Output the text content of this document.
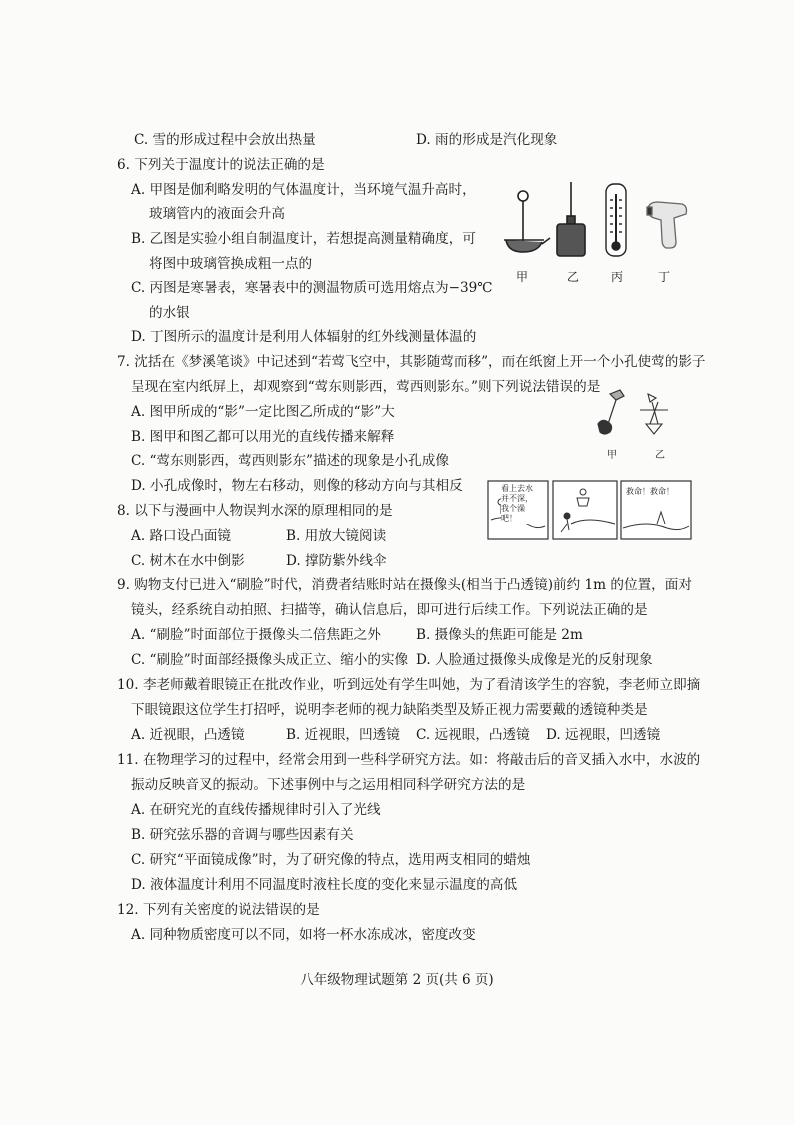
C. 雪的形成过程中会放出热量	D. 雨的形成是汽化现象
6. 下列关于温度计的说法正确的是
A. 甲图是伽利略发明的气体温度计，当环境气温升高时，
玻璃管内的液面会升高
B. 乙图是实验小组自制温度计，若想提高测量精确度，可
将图中玻璃管换成粗一点的
C. 丙图是寒暑表，寒暑表中的测温物质可选用熔点为−39℃
的水银
D. 丁图所示的温度计是利用人体辐射的红外线测量体温的
甲	乙	丙	丁
7. 沈括在《梦溪笔谈》中记述到“若莺飞空中，其影随莺而移”，而在纸窗上开一个小孔使莺的影子
呈现在室内纸屏上，却观察到“莺东则影西，莺西则影东。”则下列说法错误的是
A. 图甲所成的“影”一定比图乙所成的“影”大
B. 图甲和图乙都可以用光的直线传播来解释
C. “莺东则影西，莺西则影东”描述的现象是小孔成像
D. 小孔成像时，物左右移动，则像的移动方向与其相反
甲	乙
8. 以下与漫画中人物误判水深的原理相同的是
A. 路口设凸面镜	B. 用放大镜阅读
C. 树木在水中倒影	D. 撑防紫外线伞
看上去水并不深，我个澡吧！
救命！救命！
9. 购物支付已进入“刷脸”时代，消费者结账时站在摄像头(相当于凸透镜)前约 1m 的位置，面对
镜头，经系统自动拍照、扫描等，确认信息后，即可进行后续工作。下列说法正确的是
A. “刷脸”时面部位于摄像头二倍焦距之外	B. 摄像头的焦距可能是 2m
C. “刷脸”时面部经摄像头成正立、缩小的实像 D. 人脸通过摄像头成像是光的反射现象
10. 李老师戴着眼镜正在批改作业，听到远处有学生叫她，为了看清该学生的容貌，李老师立即摘
下眼镜跟这位学生打招呼，说明李老师的视力缺陷类型及矫正视力需要戴的透镜种类是
A. 近视眼，凸透镜	B. 近视眼，凹透镜 C. 远视眼，凸透镜 D. 远视眼，凹透镜
11. 在物理学习的过程中，经常会用到一些科学研究方法。如：将敲击后的音叉插入水中，水波的
振动反映音叉的振动。下述事例中与之运用相同科学研究方法的是
A. 在研究光的直线传播规律时引入了光线
B. 研究弦乐器的音调与哪些因素有关
C. 研究“平面镜成像”时，为了研究像的特点，选用两支相同的蜡烛
D. 液体温度计利用不同温度时液柱长度的变化来显示温度的高低
12. 下列有关密度的说法错误的是
A. 同种物质密度可以不同，如将一杯水冻成冰，密度改变
八年级物理试题第 2 页(共 6 页)
